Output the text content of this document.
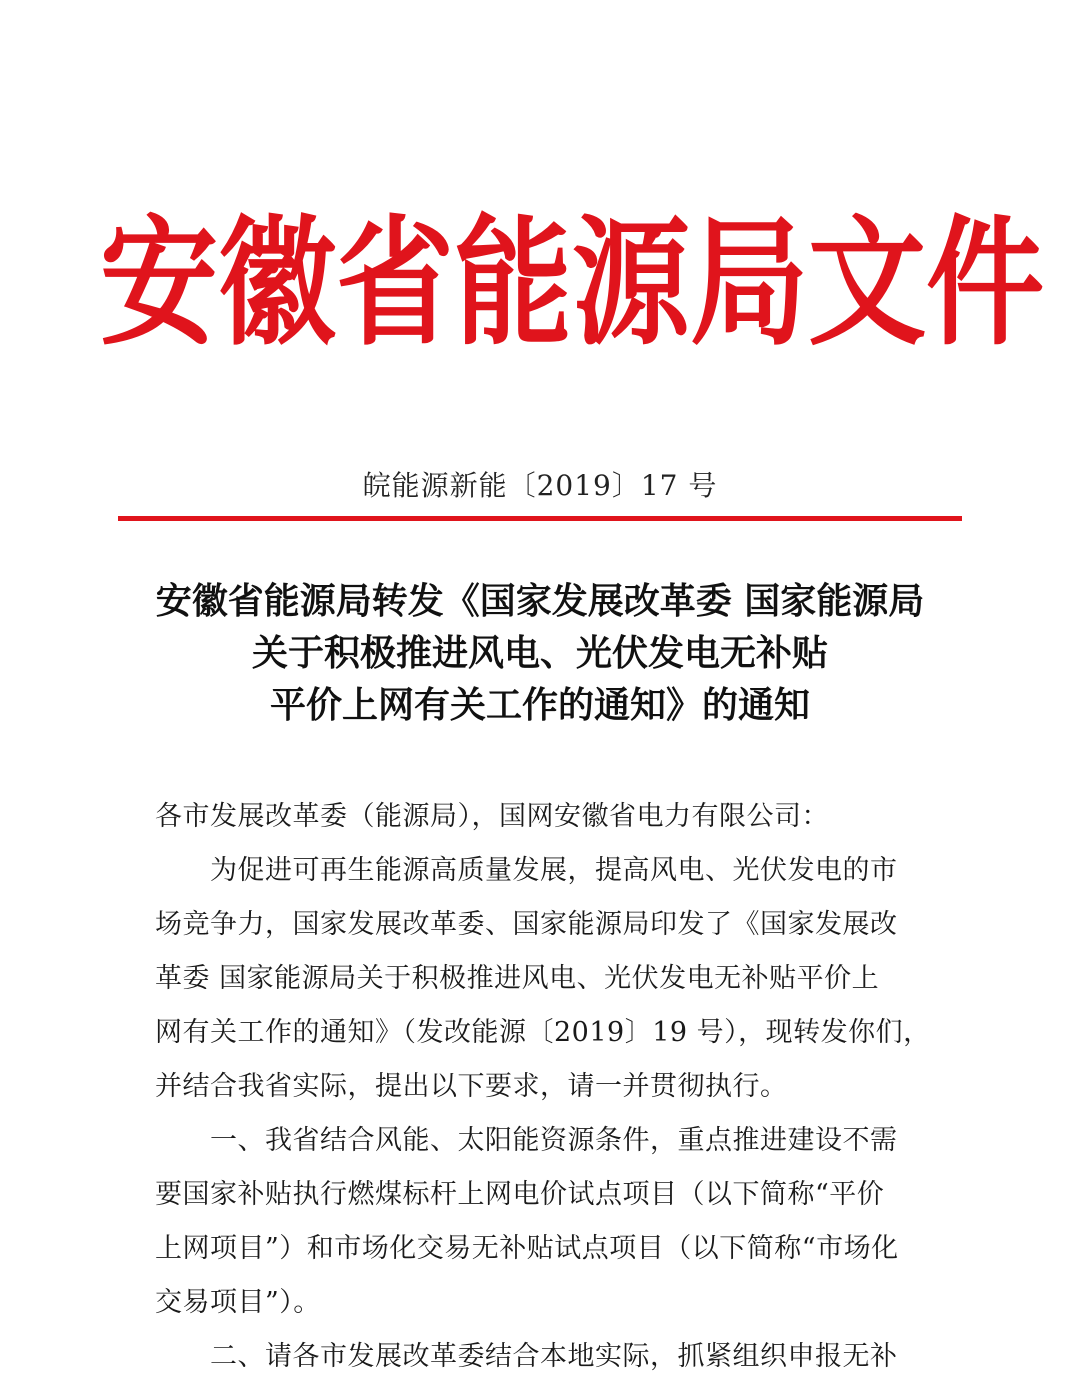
安 徽 省 能 源 局 文 件
皖能源新能〔2019〕17 号
安徽省能源局转发《国家发展改革委 国家能源局
关于积极推进风电、光伏发电无补贴
平价上网有关工作的通知》的通知
各市发展改革委（能源局），国网安徽省电力有限公司：
　　为促进可再生能源高质量发展，提高风电、光伏发电的市
场竞争力，国家发展改革委、国家能源局印发了《国家发展改
革委 国家能源局关于积极推进风电、光伏发电无补贴平价上
网有关工作的通知》（发改能源〔2019〕19 号），现转发你们，
并结合我省实际，提出以下要求，请一并贯彻执行。
　　一、我省结合风能、太阳能资源条件，重点推进建设不需
要国家补贴执行燃煤标杆上网电价试点项目（以下简称“平价
上网项目”）和市场化交易无补贴试点项目（以下简称“市场化
交易项目”）。
　　二、请各市发展改革委结合本地实际，抓紧组织申报无补
